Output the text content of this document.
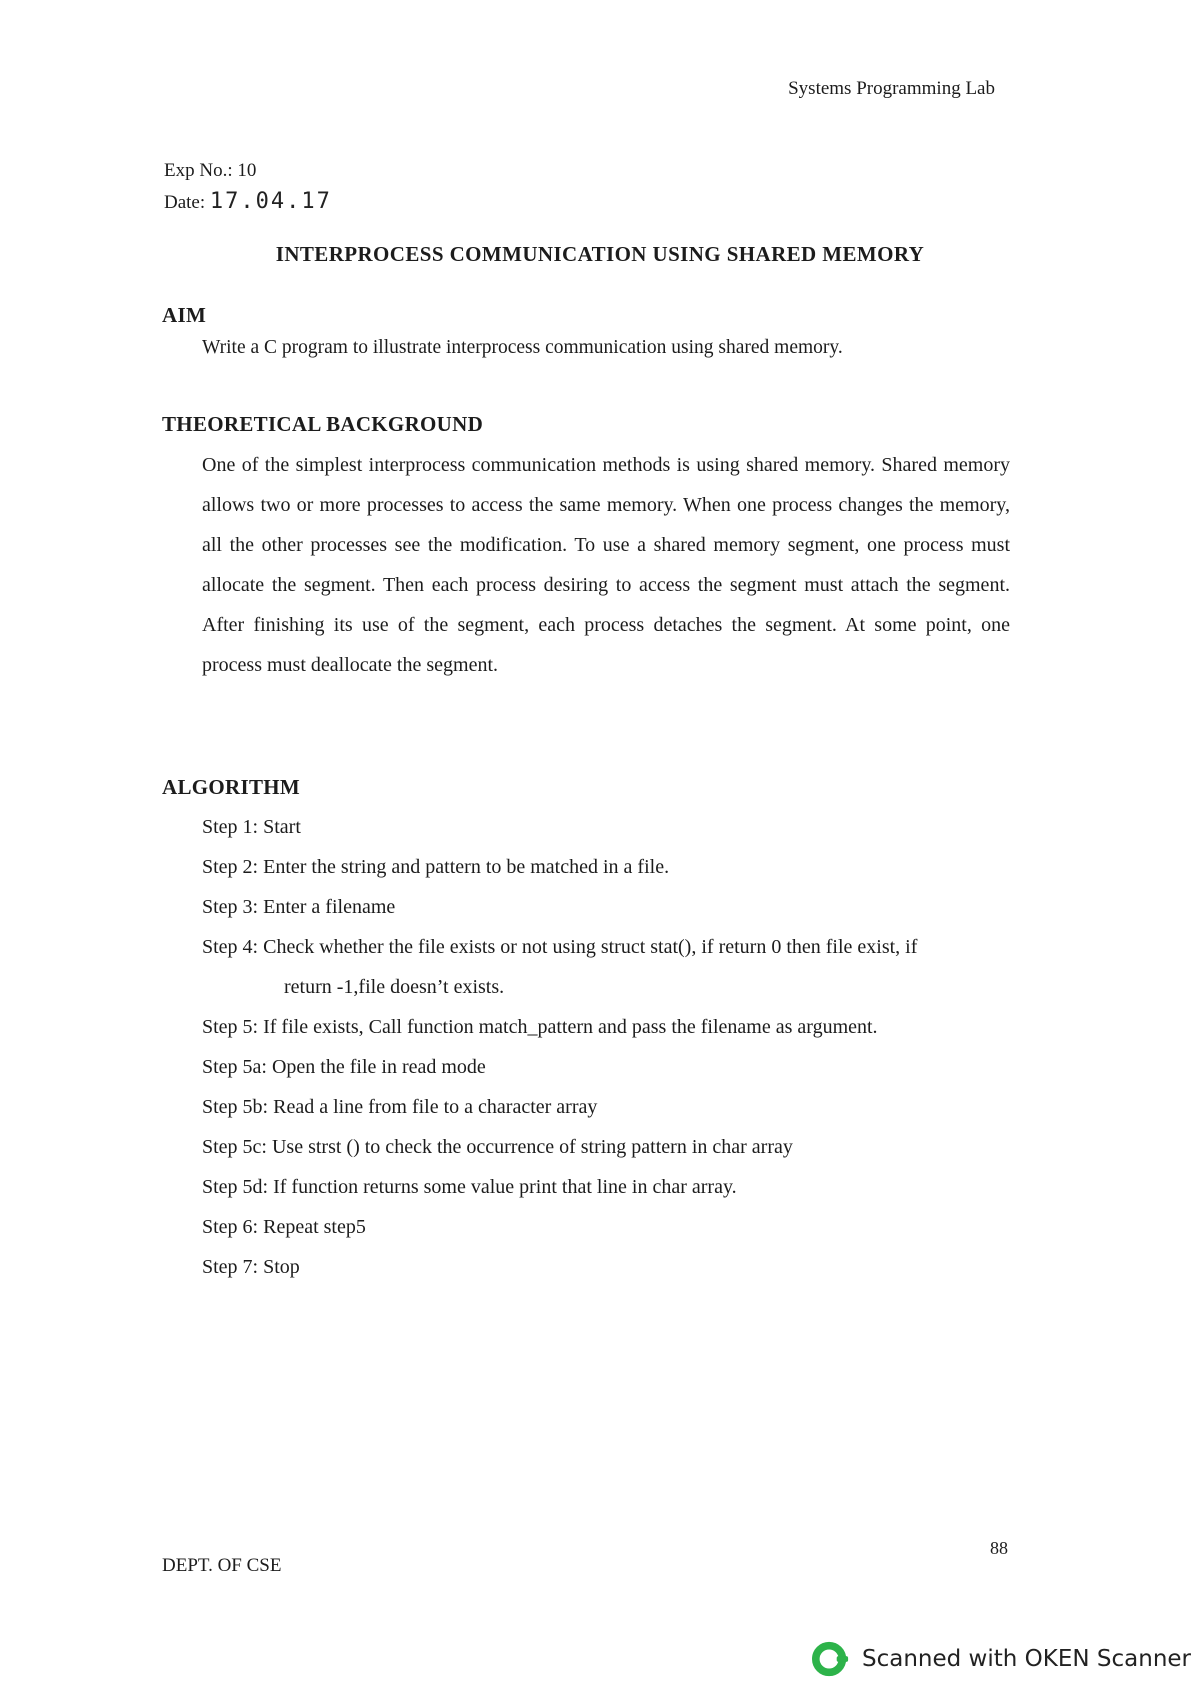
Systems Programming Lab
Exp No.: 10
Date: 17.04.17
INTERPROCESS COMMUNICATION USING SHARED MEMORY
AIM
Write a C program to illustrate interprocess communication using shared memory.
THEORETICAL BACKGROUND

One of the simplest interprocess communication methods is using shared memory. Shared memory allows two or more processes to access the same memory. When one process changes the memory, all the other processes see the modification. To use a shared memory segment, one process must allocate the segment. Then each process desiring to access the segment must attach the segment. After finishing its use of the segment, each process detaches the segment. At some point, one process must deallocate the segment.

ALGORITHM
Step 1: Start
Step 2: Enter the string and pattern to be matched in a file.
Step 3: Enter a filename
Step 4: Check whether the file exists or not using struct stat(), if return 0 then file exist, if
return -1,file doesn’t exists.
Step 5: If file exists, Call function match_pattern and pass the filename as argument.
Step 5a: Open the file in read mode
Step 5b: Read a line from file to a character array
Step 5c: Use strst () to check the occurrence of string pattern in char array
Step 5d: If function returns some value print that line in char array.
Step 6: Repeat step5
Step 7: Stop
88
DEPT. OF CSE
Scanned with OKEN Scanner
